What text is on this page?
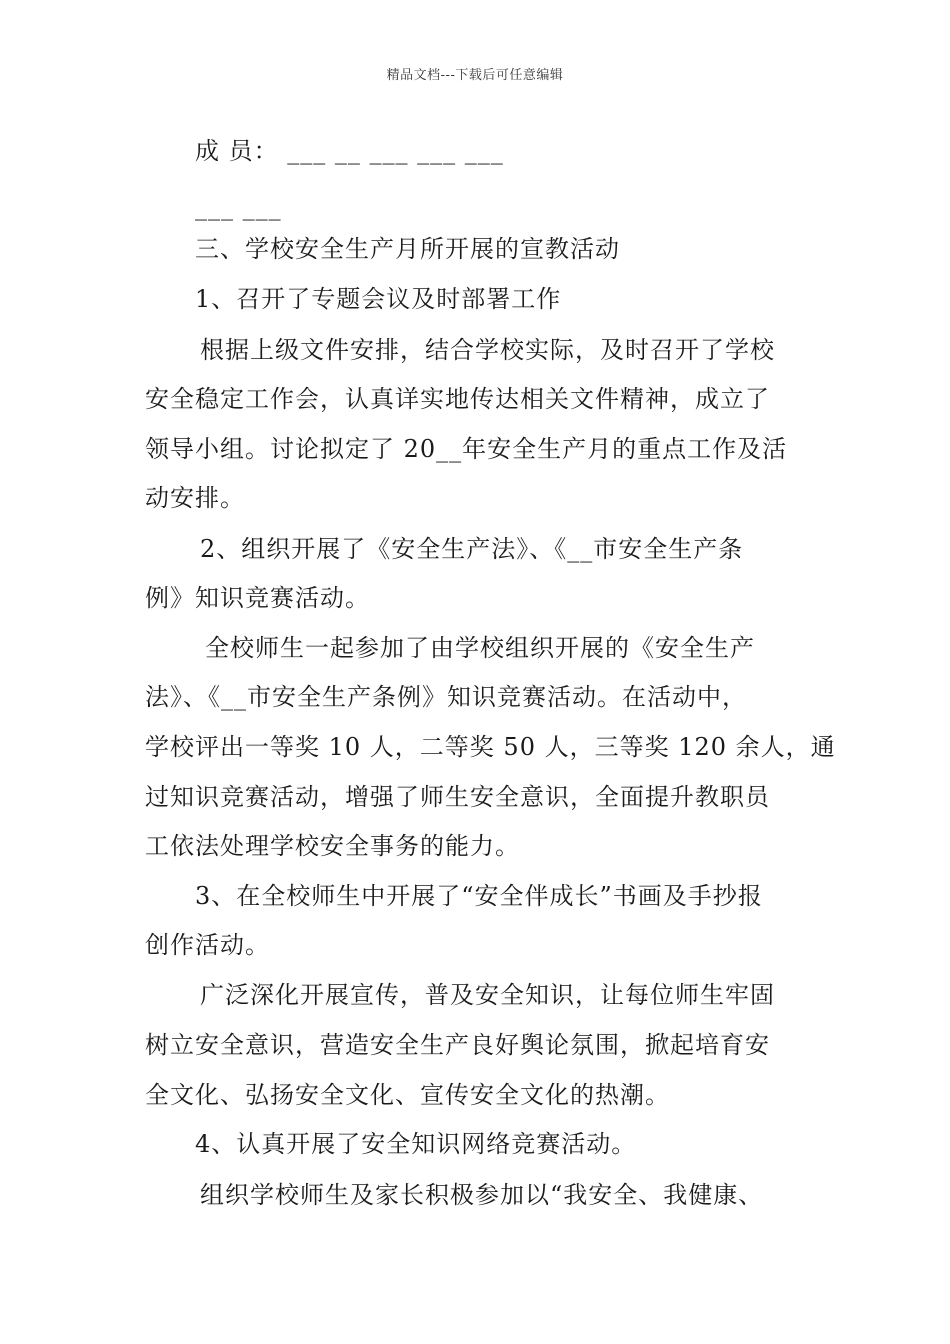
精品文档---下载后可任意编辑
成 员： ___ __ ___ ___ ___
___ ___
三、学校安全生产月所开展的宣教活动
1、召开了专题会议及时部署工作
根据上级文件安排，结合学校实际，及时召开了学校
安全稳定工作会，认真详实地传达相关文件精神，成立了
领导小组。讨论拟定了 20__年安全生产月的重点工作及活
动安排。
2、组织开展了《安全生产法》、《__市安全生产条
例》知识竞赛活动。
全校师生一起参加了由学校组织开展的《安全生产
法》、《__市安全生产条例》知识竞赛活动。在活动中，
学校评出一等奖 10 人，二等奖 50 人，三等奖 120 余人，通
过知识竞赛活动，增强了师生安全意识，全面提升教职员
工依法处理学校安全事务的能力。
3、在全校师生中开展了“安全伴成长”书画及手抄报
创作活动。
广泛深化开展宣传，普及安全知识，让每位师生牢固
树立安全意识，营造安全生产良好舆论氛围，掀起培育安
全文化、弘扬安全文化、宣传安全文化的热潮。
4、认真开展了安全知识网络竞赛活动。
组织学校师生及家长积极参加以“我安全、我健康、
